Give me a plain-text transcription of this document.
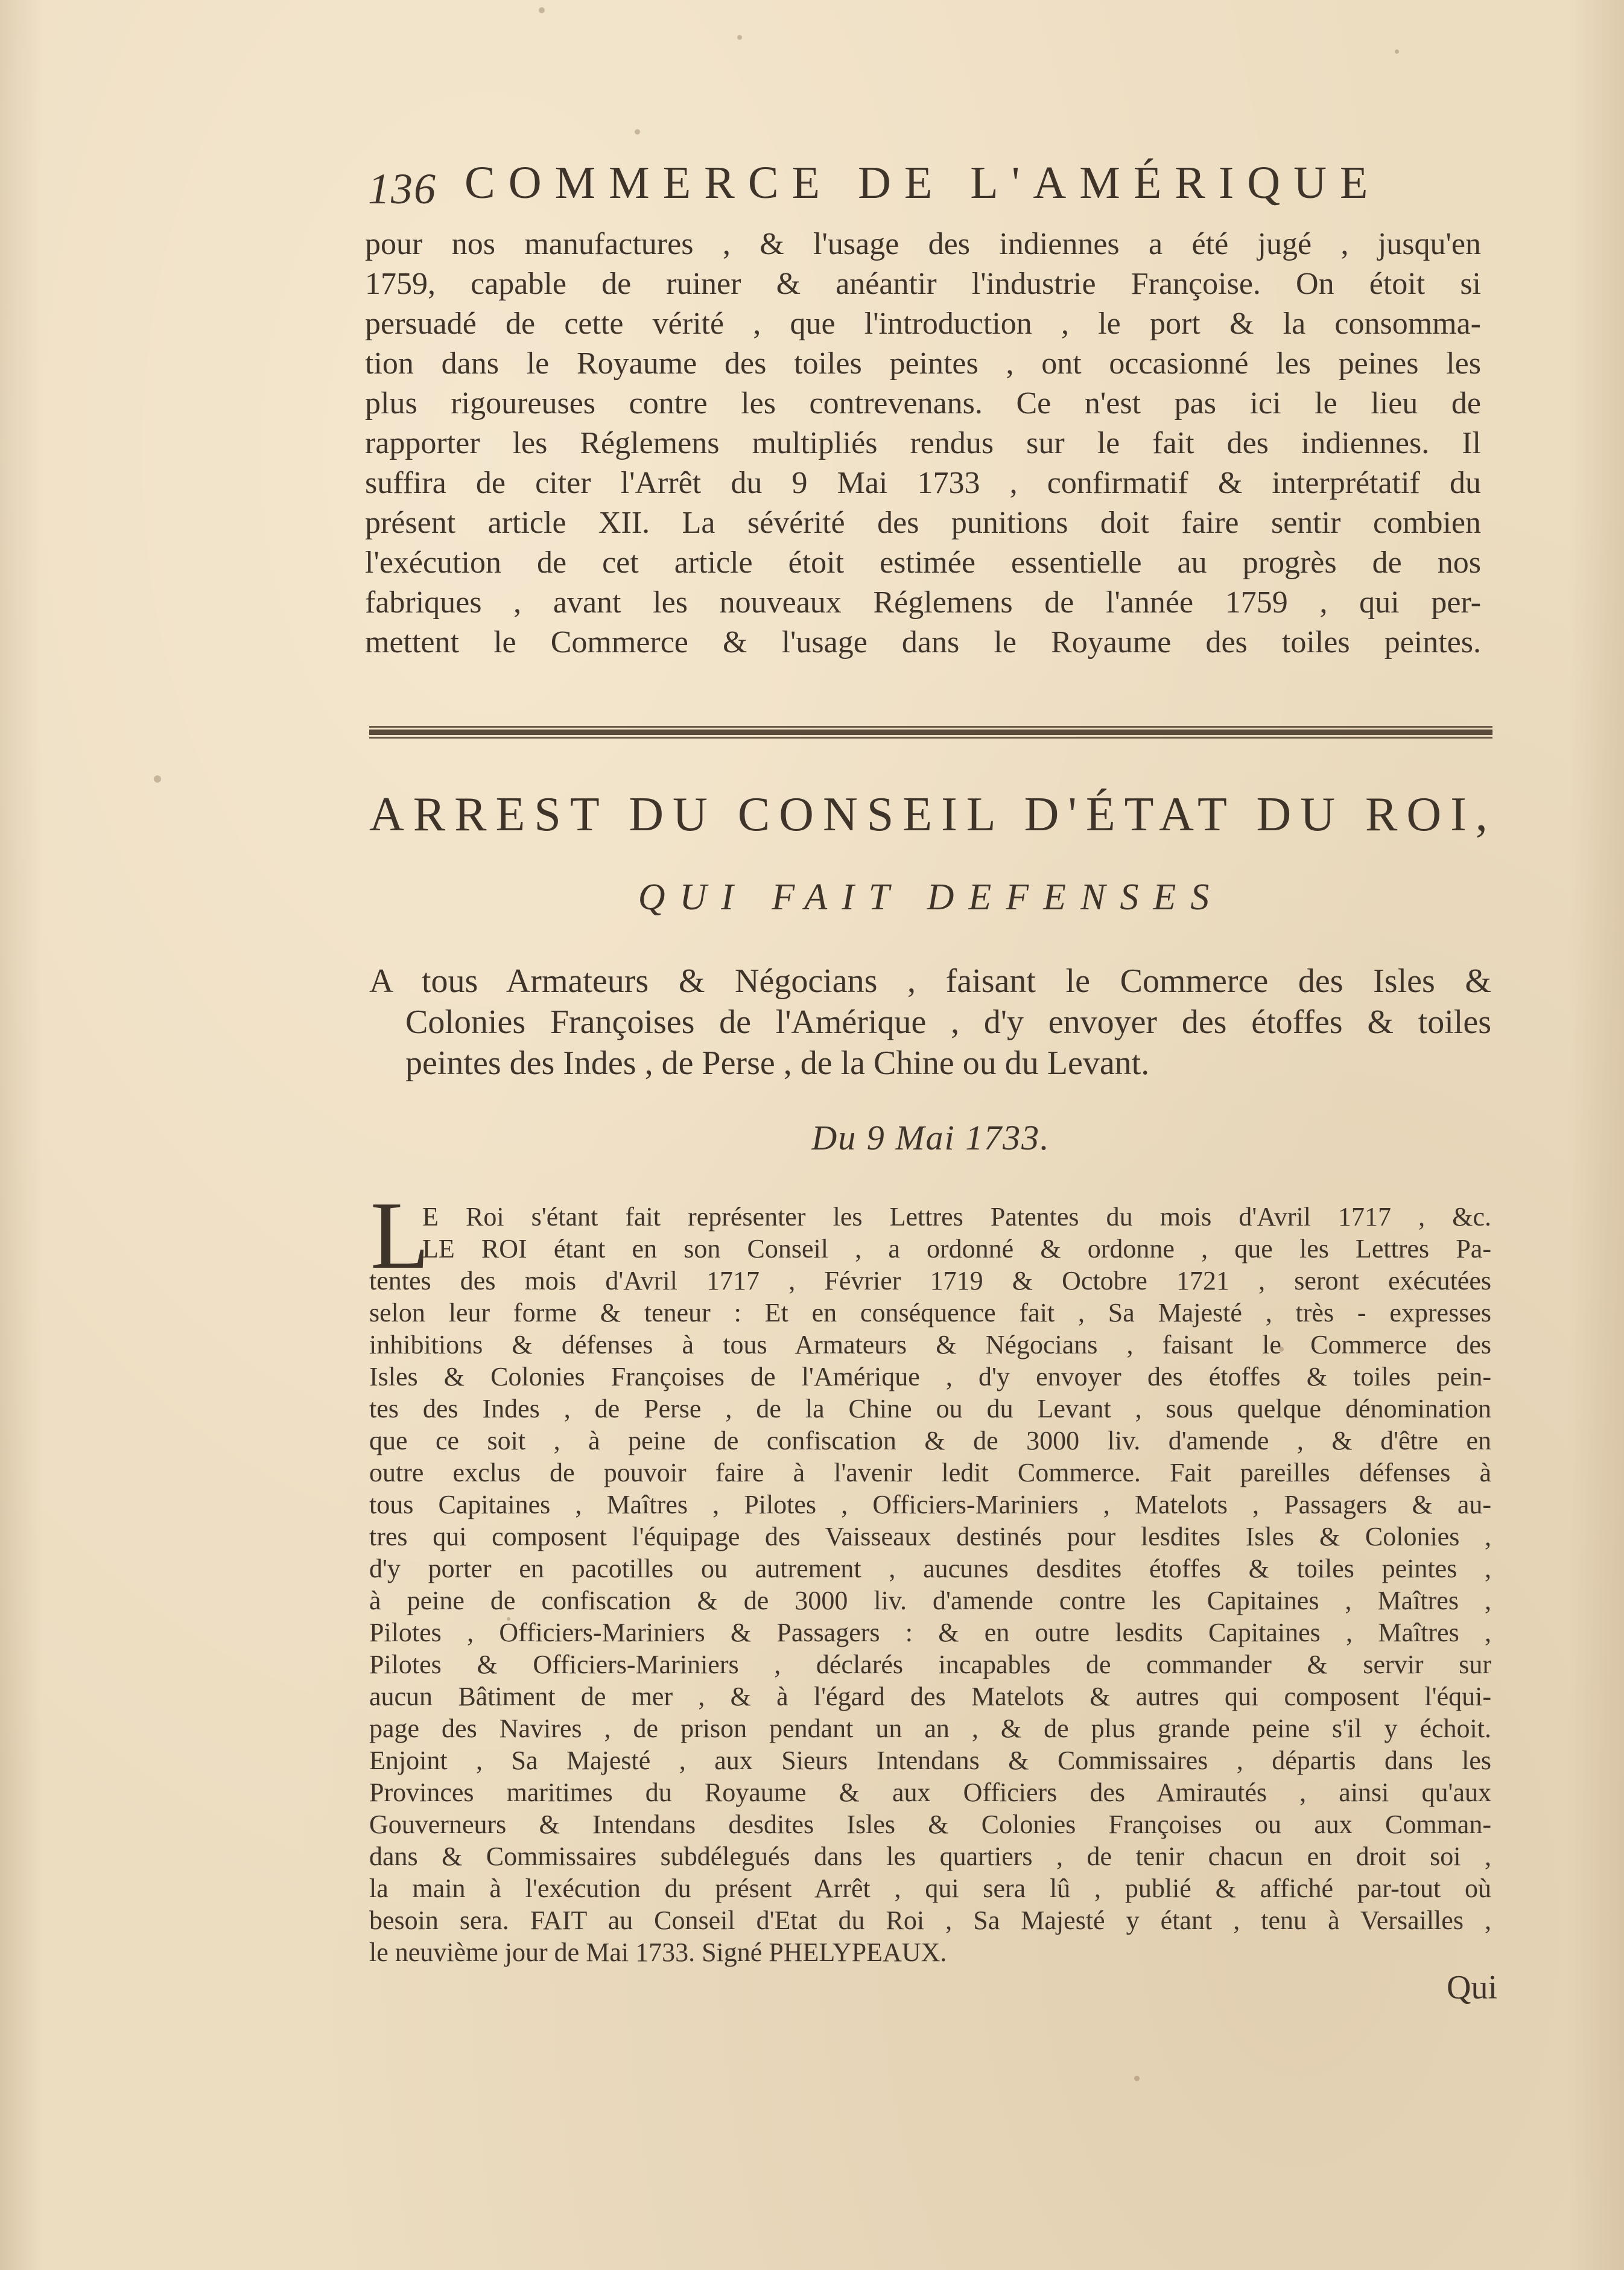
136 COMMERCE DE L'AMÉRIQUE
pour nos manufactures , & l'usage des indiennes a été jugé , jusqu'en
1759, capable de ruiner & anéantir l'industrie Françoise. On étoit si
persuadé de cette vérité , que l'introduction , le port & la consomma-
tion dans le Royaume des toiles peintes , ont occasionné les peines les
plus rigoureuses contre les contrevenans. Ce n'est pas ici le lieu de
rapporter les Réglemens multipliés rendus sur le fait des indiennes. Il
suffira de citer l'Arrêt du 9 Mai 1733 , confirmatif & interprétatif du
présent article XII. La sévérité des punitions doit faire sentir combien
l'exécution de cet article étoit estimée essentielle au progrès de nos
fabriques , avant les nouveaux Réglemens de l'année 1759 , qui per-
mettent le Commerce & l'usage dans le Royaume des toiles peintes.
ARREST DU CONSEIL D'ÉTAT DU ROI,
QUI FAIT DEFENSES
A tous Armateurs & Négocians , faisant le Commerce des Isles &
Colonies Françoises de l'Amérique , d'y envoyer des étoffes & toiles
peintes des Indes , de Perse , de la Chine ou du Levant.
Du 9 Mai 1733.
L
E Roi s'étant fait représenter les Lettres Patentes du mois d'Avril 1717 , &c.
LE ROI étant en son Conseil , a ordonné & ordonne , que les Lettres Pa-
tentes des mois d'Avril 1717 , Février 1719 & Octobre 1721 , seront exécutées
selon leur forme & teneur : Et en conséquence fait , Sa Majesté , très - expresses
inhibitions & défenses à tous Armateurs & Négocians , faisant le Commerce des
Isles & Colonies Françoises de l'Amérique , d'y envoyer des étoffes & toiles pein-
tes des Indes , de Perse , de la Chine ou du Levant , sous quelque dénomination
que ce soit , à peine de confiscation & de 3000 liv. d'amende , & d'être en
outre exclus de pouvoir faire à l'avenir ledit Commerce. Fait pareilles défenses à
tous Capitaines , Maîtres , Pilotes , Officiers-Mariniers , Matelots , Passagers & au-
tres qui composent l'équipage des Vaisseaux destinés pour lesdites Isles & Colonies ,
d'y porter en pacotilles ou autrement , aucunes desdites étoffes & toiles peintes ,
à peine de confiscation & de 3000 liv. d'amende contre les Capitaines , Maîtres ,
Pilotes , Officiers-Mariniers & Passagers : & en outre lesdits Capitaines , Maîtres ,
Pilotes & Officiers-Mariniers , déclarés incapables de commander & servir sur
aucun Bâtiment de mer , & à l'égard des Matelots & autres qui composent l'équi-
page des Navires , de prison pendant un an , & de plus grande peine s'il y échoit.
Enjoint , Sa Majesté , aux Sieurs Intendans & Commissaires , départis dans les
Provinces maritimes du Royaume & aux Officiers des Amirautés , ainsi qu'aux
Gouverneurs & Intendans desdites Isles & Colonies Françoises ou aux Comman-
dans & Commissaires subdélegués dans les quartiers , de tenir chacun en droit soi ,
la main à l'exécution du présent Arrêt , qui sera lû , publié & affiché par-tout où
besoin sera. FAIT au Conseil d'Etat du Roi , Sa Majesté y étant , tenu à Versailles ,
le neuvième jour de Mai 1733. Signé PHELYPEAUX.
Qui
